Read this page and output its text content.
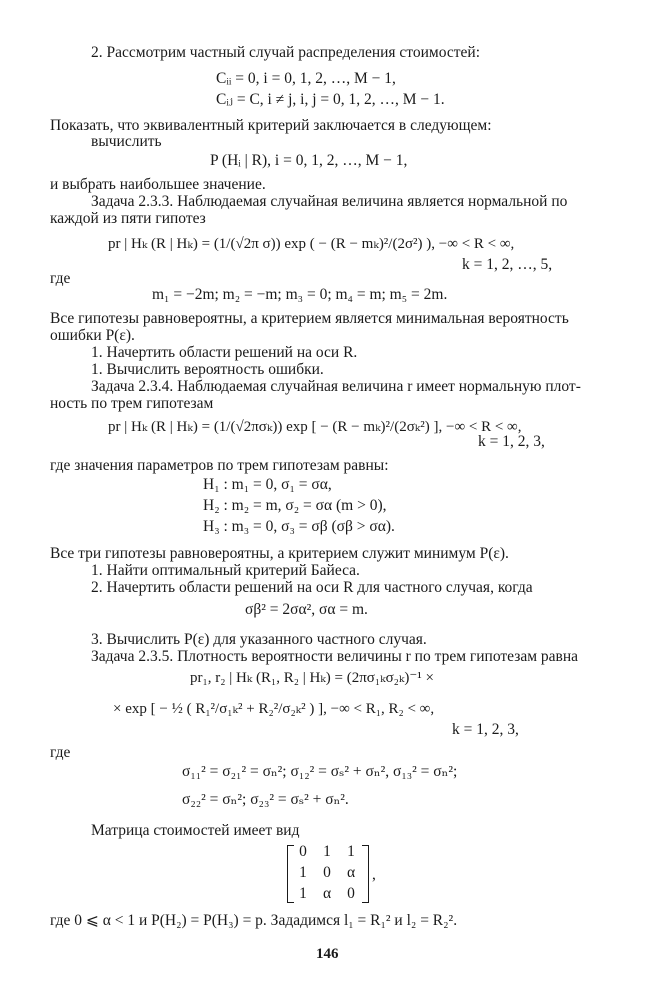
2. Рассмотрим частный случай распределения стоимостей:
Cᵢᵢ = 0, i = 0, 1, 2, …, M − 1,
Cᵢⱼ = C, i ≠ j, i, j = 0, 1, 2, …, M − 1.
Показать, что эквивалентный критерий заключается в следующем:
вычислить
P (Hᵢ | R), i = 0, 1, 2, …, M − 1,
и выбрать наибольшее значение.
Задача 2.3.3. Наблюдаемая случайная величина является нормальной по
каждой из пяти гипотез
pr | Hₖ (R | Hₖ) = (1/(√2π σ)) exp ( − (R − mₖ)²/(2σ²) ), −∞ < R < ∞,
k = 1, 2, …, 5,
где
m₁ = −2m; m₂ = −m; m₃ = 0; m₄ = m; m₅ = 2m.
Все гипотезы равновероятны, а критерием является минимальная вероятность
ошибки P(ε).
1. Начертить области решений на оси R.
1. Вычислить вероятность ошибки.
Задача 2.3.4. Наблюдаемая случайная величина r имеет нормальную плот-
ность по трем гипотезам
pr | Hₖ (R | Hₖ) = (1/(√2πσₖ)) exp [ − (R − mₖ)²/(2σₖ²) ], −∞ < R < ∞,
k = 1, 2, 3,
где значения параметров по трем гипотезам равны:
H₁ : m₁ = 0, σ₁ = σα,
H₂ : m₂ = m, σ₂ = σα (m > 0),
H₃ : m₃ = 0, σ₃ = σβ (σβ > σα).
Все три гипотезы равновероятны, а критерием служит минимум P(ε).
1. Найти оптимальный критерий Байеса.
2. Начертить области решений на оси R для частного случая, когда
σβ² = 2σα², σα = m.
3. Вычислить P(ε) для указанного частного случая.
Задача 2.3.5. Плотность вероятности величины r по трем гипотезам равна
pr₁, r₂ | Hₖ (R₁, R₂ | Hₖ) = (2πσ₁ₖσ₂ₖ)⁻¹ ×
× exp [ − ½ ( R₁²/σ₁ₖ² + R₂²/σ₂ₖ² ) ], −∞ < R₁, R₂ < ∞,
k = 1, 2, 3,
где
σ₁₁² = σ₂₁² = σₙ²; σ₁₂² = σₛ² + σₙ², σ₁₃² = σₙ²;
σ₂₂² = σₙ²; σ₂₃² = σₛ² + σₙ².
Матрица стоимостей имеет вид
0	1	1
1	0	α
1	α	0
,
где 0 ⩽ α < 1 и P(H₂) = P(H₃) = p. Зададимся l₁ = R₁² и l₂ = R₂².
146
